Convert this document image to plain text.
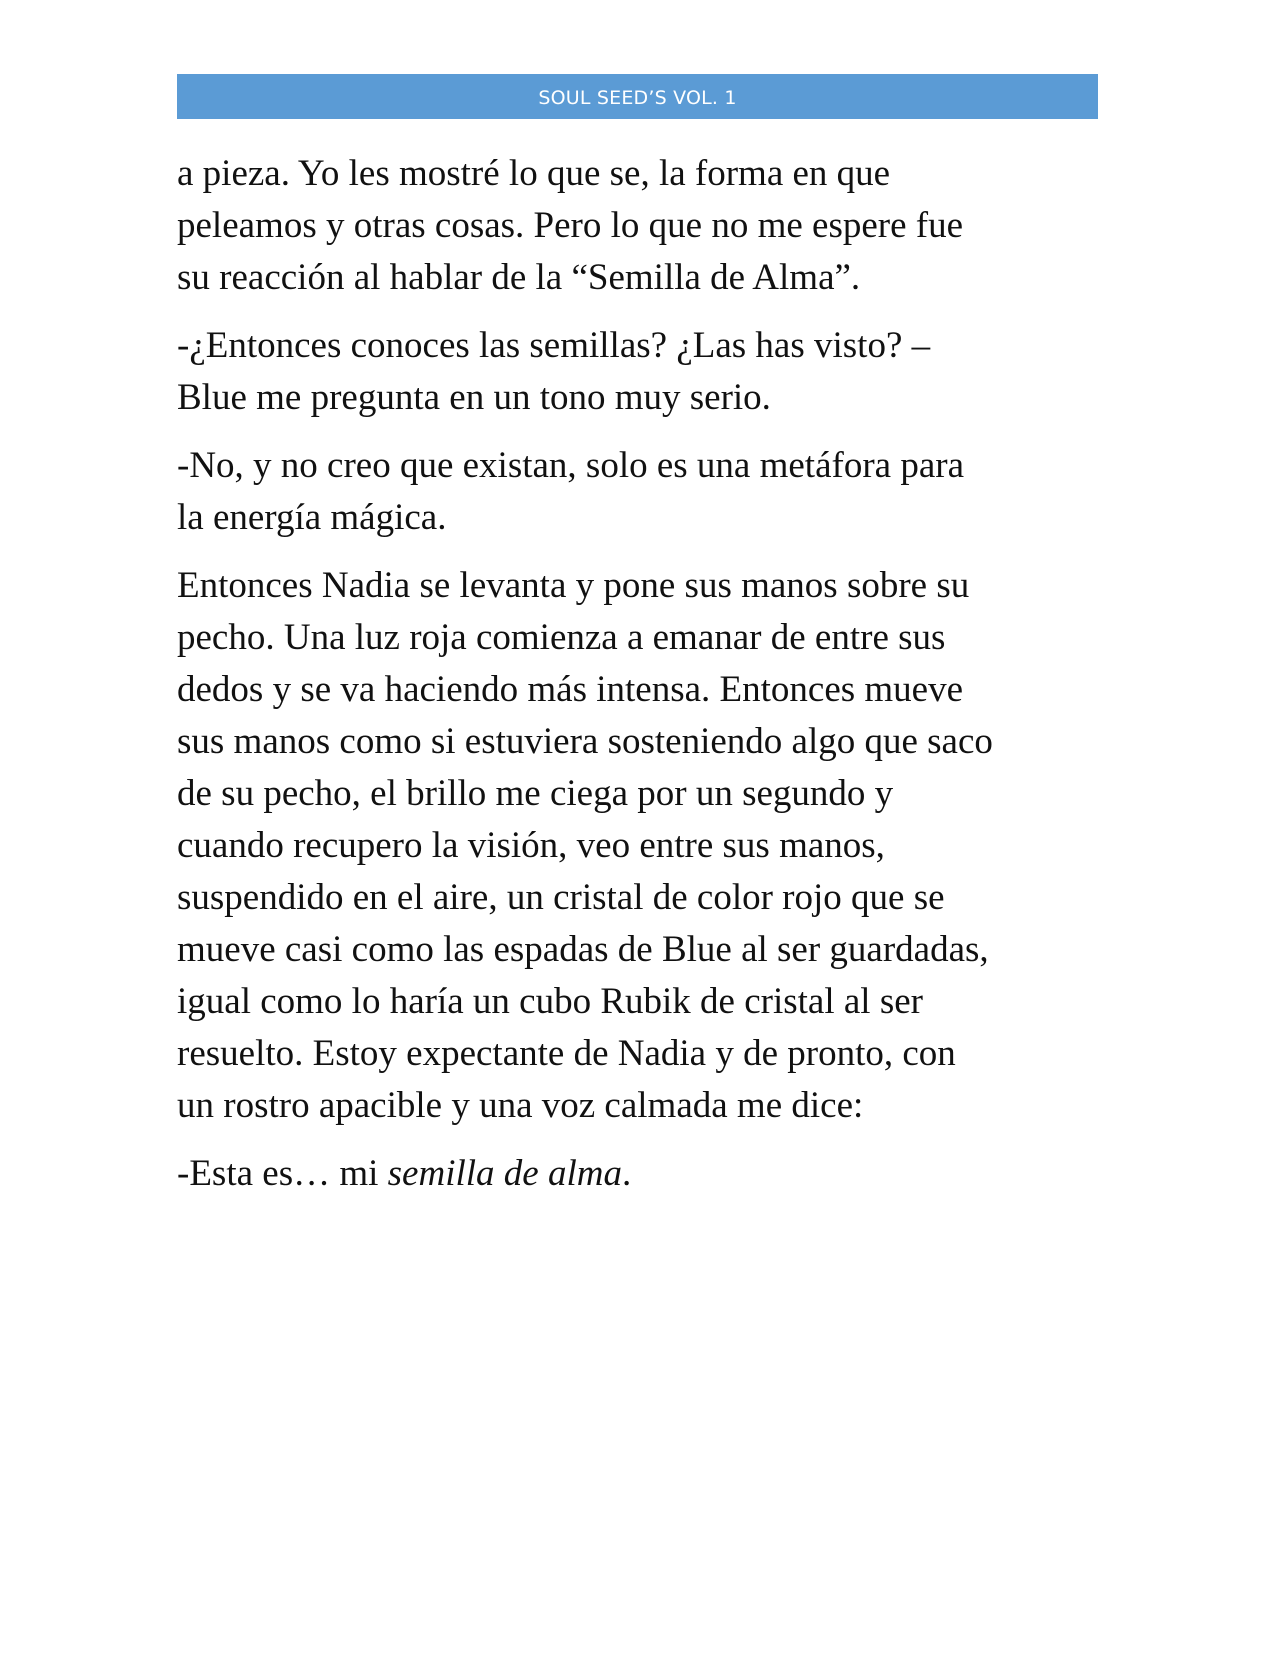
SOUL SEED’S VOL. 1

a pieza. Yo les mostré lo que se, la forma en que
peleamos y otras cosas. Pero lo que no me espere fue
su reacción al hablar de la “Semilla de Alma”.

-¿Entonces conoces las semillas? ¿Las has visto? –
Blue me pregunta en un tono muy serio.

-No, y no creo que existan, solo es una metáfora para
la energía mágica.

Entonces Nadia se levanta y pone sus manos sobre su
pecho. Una luz roja comienza a emanar de entre sus
dedos y se va haciendo más intensa. Entonces mueve
sus manos como si estuviera sosteniendo algo que saco
de su pecho, el brillo me ciega por un segundo y
cuando recupero la visión, veo entre sus manos,
suspendido en el aire, un cristal de color rojo que se
mueve casi como las espadas de Blue al ser guardadas,
igual como lo haría un cubo Rubik de cristal al ser
resuelto. Estoy expectante de Nadia y de pronto, con
un rostro apacible y una voz calmada me dice:

-Esta es… mi semilla de alma.
